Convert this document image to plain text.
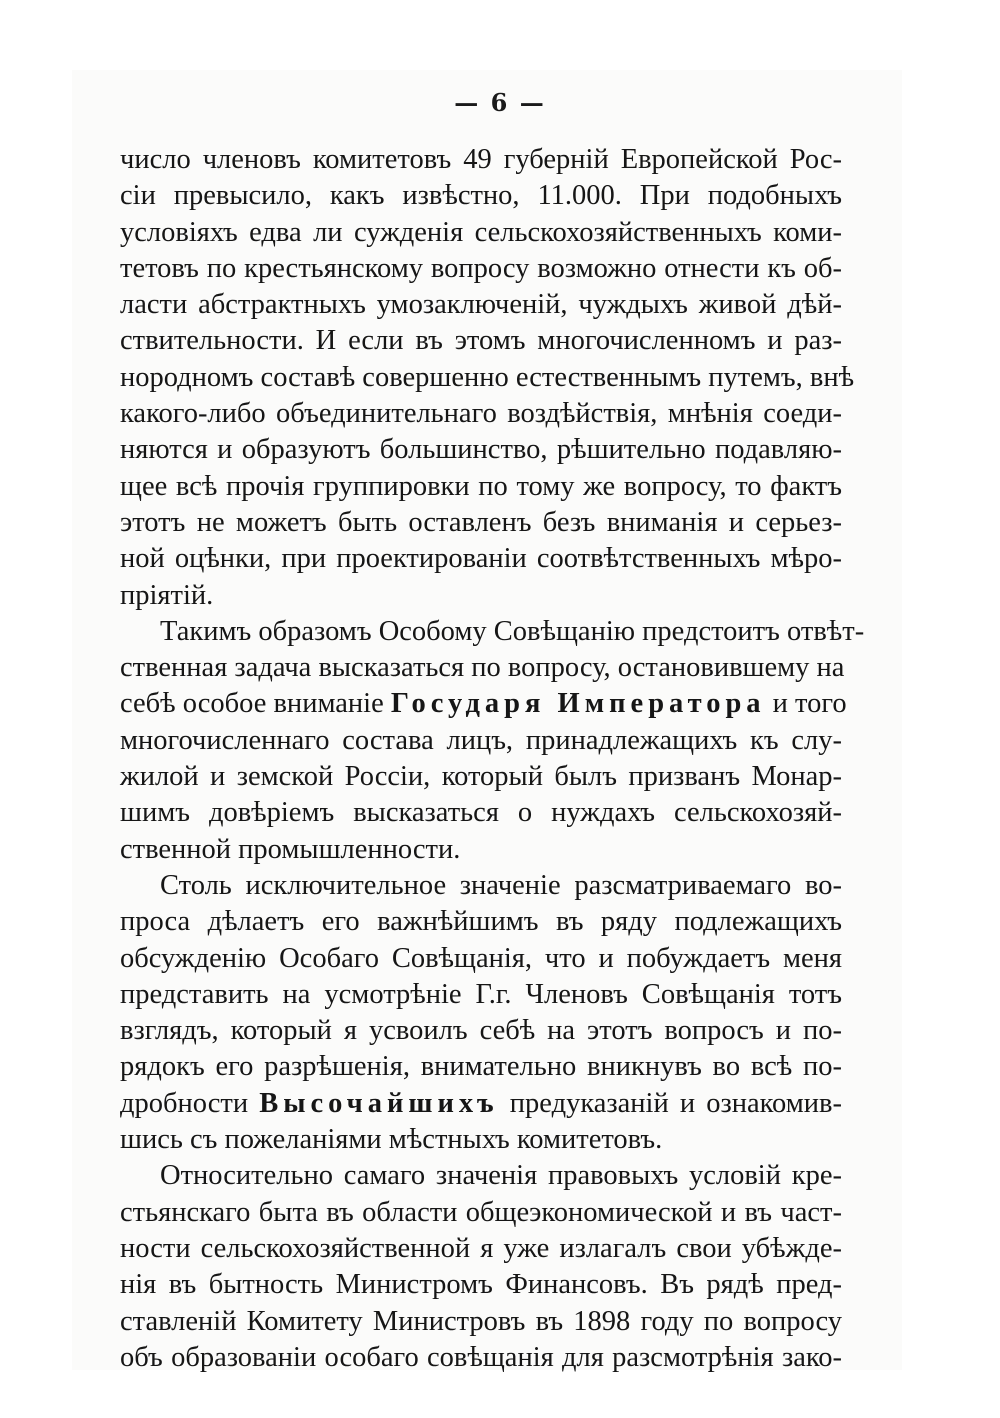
— 6 —
число членовъ комитетовъ 49 губерній Европейской Рос-
сіи превысило, какъ извѣстно, 11.000. При подобныхъ
условіяхъ едва ли сужденія сельскохозяйственныхъ коми-
тетовъ по крестьянскому вопросу возможно отнести къ об-
ласти абстрактныхъ умозаключеній, чуждыхъ живой дѣй-
ствительности. И если въ этомъ многочисленномъ и раз-
нородномъ составѣ совершенно естественнымъ путемъ, внѣ
какого-либо объединительнаго воздѣйствія, мнѣнія соеди-
няются и образуютъ большинство, рѣшительно подавляю-
щее всѣ прочія группировки по тому же вопросу, то фактъ
этотъ не можетъ быть оставленъ безъ вниманія и серьез-
ной оцѣнки, при проектированіи соотвѣтственныхъ мѣро-
пріятій.
Такимъ образомъ Особому Совѣщанію предстоитъ отвѣт-
ственная задача высказаться по вопросу, остановившему на
себѣ особое вниманіе Государя Императора и того
многочисленнаго состава лицъ, принадлежащихъ къ слу-
жилой и земской Россіи, который былъ призванъ Монар-
шимъ довѣріемъ высказаться о нуждахъ сельскохозяй-
ственной промышленности.
Столь исключительное значеніе разсматриваемаго во-
проса дѣлаетъ его важнѣйшимъ въ ряду подлежащихъ
обсужденію Особаго Совѣщанія, что и побуждаетъ меня
представить на усмотрѣніе Г.г. Членовъ Совѣщанія тотъ
взглядъ, который я усвоилъ себѣ на этотъ вопросъ и по-
рядокъ его разрѣшенія, внимательно вникнувъ во всѣ по-
дробности Высочайшихъ предуказаній и ознакомив-
шись съ пожеланіями мѣстныхъ комитетовъ.
Относительно самаго значенія правовыхъ условій кре-
стьянскаго быта въ области общеэкономической и въ част-
ности сельскохозяйственной я уже излагалъ свои убѣжде-
нія въ бытность Министромъ Финансовъ. Въ рядѣ пред-
ставленій Комитету Министровъ въ 1898 году по вопросу
объ образованіи особаго совѣщанія для разсмотрѣнія зако-
